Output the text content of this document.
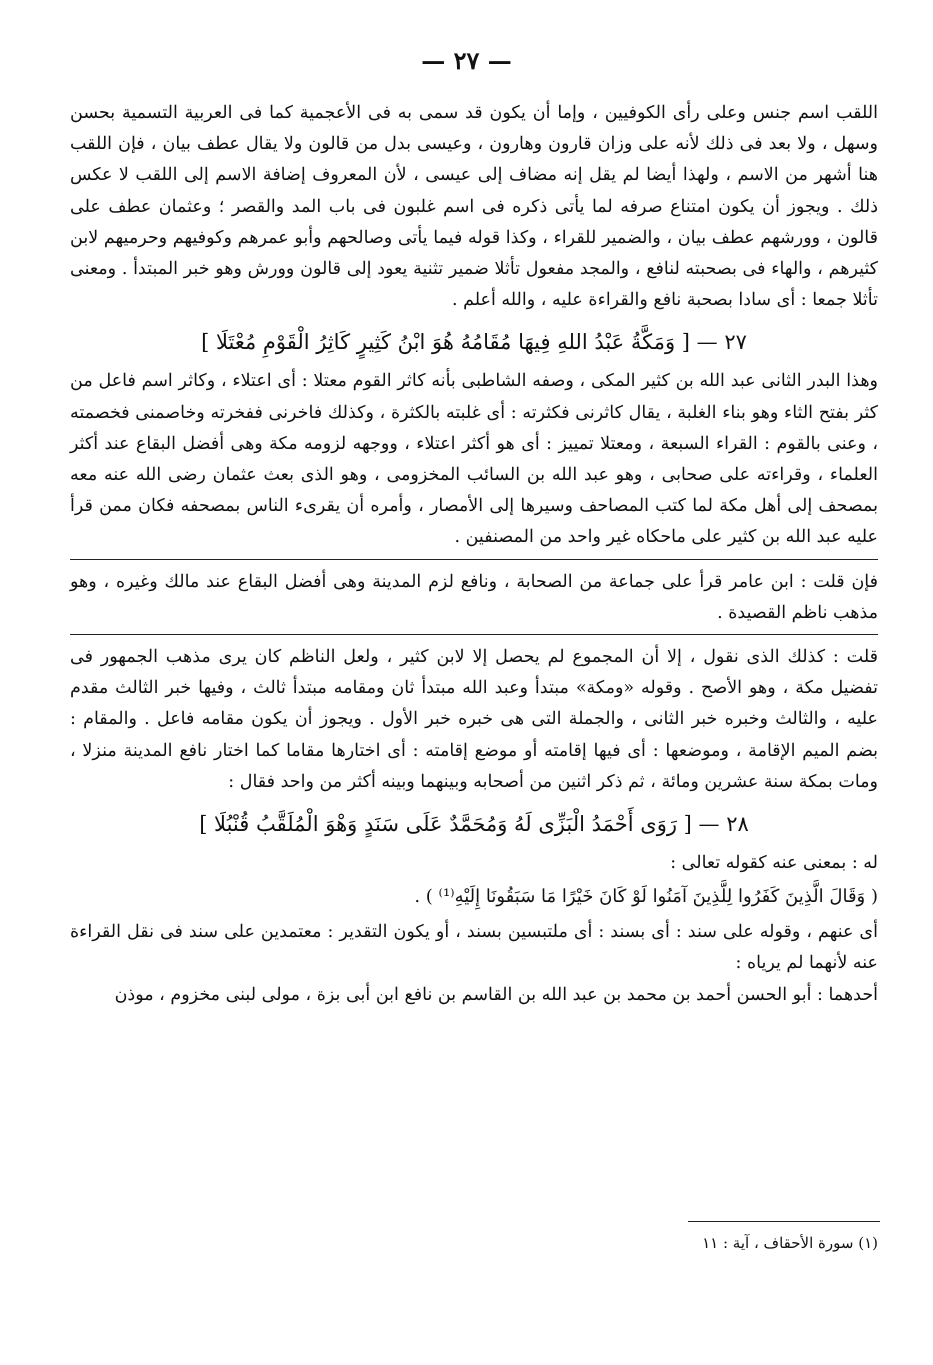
— ٢٧ —

اللقب اسم جنس وعلى رأى الكوفيين ، وإما أن يكون قد سمى به فى الأعجمية كما فى العربية التسمية بحسن وسهل ، ولا بعد فى ذلك لأنه على وزان قارون وهارون ، وعيسى بدل من قالون ولا يقال عطف بيان ، فإن اللقب هنا أشهر من الاسم ، ولهذا أيضا لم يقل إنه مضاف إلى عيسى ، لأن المعروف إضافة الاسم إلى اللقب لا عكس ذلك . ويجوز أن يكون امتناع صرفه لما يأتى ذكره فى اسم غلبون فى باب المد والقصر ؛ وعثمان عطف على قالون ، وورشهم عطف بيان ، والضمير للقراء ، وكذا قوله فيما يأتى وصالحهم وأبو عمرهم وكوفيهم وحرميهم لابن كثيرهم ، والهاء فى بصحبته لنافع ، والمجد مفعول تأثلا ضمير تثنية يعود إلى قالون وورش وهو خبر المبتدأ . ومعنى تأثلا جمعا : أى سادا بصحبة نافع والقراءة عليه ، والله أعلم .

٢٧ — [ وَمَكَّةُ عَبْدُ اللهِ فِيهَا مُقَامُهُ هُوَ ابْنُ كَثِيرٍ كَاثِرُ الْقَوْمِ مُعْتَلَا ]

وهذا البدر الثانى عبد الله بن كثير المكى ، وصفه الشاطبى بأنه كاثر القوم معتلا : أى اعتلاء ، وكاثر اسم فاعل من كثر بفتح الثاء وهو بناء الغلبة ، يقال كاثرنى فكثرته : أى غلبته بالكثرة ، وكذلك فاخرنى ففخرته وخاصمنى فخصمته ، وعنى بالقوم : القراء السبعة ، ومعتلا تمييز : أى هو أكثر اعتلاء ، ووجهه لزومه مكة وهى أفضل البقاع عند أكثر العلماء ، وقراءته على صحابى ، وهو عبد الله بن السائب المخزومى ، وهو الذى بعث عثمان رضى الله عنه معه بمصحف إلى أهل مكة لما كتب المصاحف وسيرها إلى الأمصار ، وأمره أن يقرىء الناس بمصحفه فكان ممن قرأ عليه عبد الله بن كثير على ماحكاه غير واحد من المصنفين .

فإن قلت : ابن عامر قرأ على جماعة من الصحابة ، ونافع لزم المدينة وهى أفضل البقاع عند مالك وغيره ، وهو مذهب ناظم القصيدة .

قلت : كذلك الذى نقول ، إلا أن المجموع لم يحصل إلا لابن كثير ، ولعل الناظم كان يرى مذهب الجمهور فى تفضيل مكة ، وهو الأصح . وقوله «ومكة» مبتدأ وعبد الله مبتدأ ثان ومقامه مبتدأ ثالث ، وفيها خبر الثالث مقدم عليه ، والثالث وخبره خبر الثانى ، والجملة التى هى خبره خبر الأول . ويجوز أن يكون مقامه فاعل . والمقام : بضم الميم الإقامة ، وموضعها : أى فيها إقامته أو موضع إقامته : أى اختارها مقاما كما اختار نافع المدينة منزلا ، ومات بمكة سنة عشرين ومائة ، ثم ذكر اثنين من أصحابه وبينهما وبينه أكثر من واحد فقال :

٢٨ — [ رَوَى أَحْمَدُ الْبَزِّى لَهُ وَمُحَمَّدٌ عَلَى سَنَدٍ وَهْوَ الْمُلَقَّبُ قُنْبُلَا ]

له : بمعنى عنه كقوله تعالى :

( وَقَالَ الَّذِينَ كَفَرُوا لِلَّذِينَ آمَنُوا لَوْ كَانَ خَيْرًا مَا سَبَقُونَا إِلَيْهِ⁽¹⁾ ) .

أى عنهم ، وقوله على سند : أى بسند : أى ملتبسين بسند ، أو يكون التقدير : معتمدين على سند فى نقل القراءة عنه لأنهما لم يرياه :

أحدهما : أبو الحسن أحمد بن محمد بن عبد الله بن القاسم بن نافع ابن أبى بزة ، مولى لبنى مخزوم ، موذن

(١) سورة الأحقاف ، آية : ١١
